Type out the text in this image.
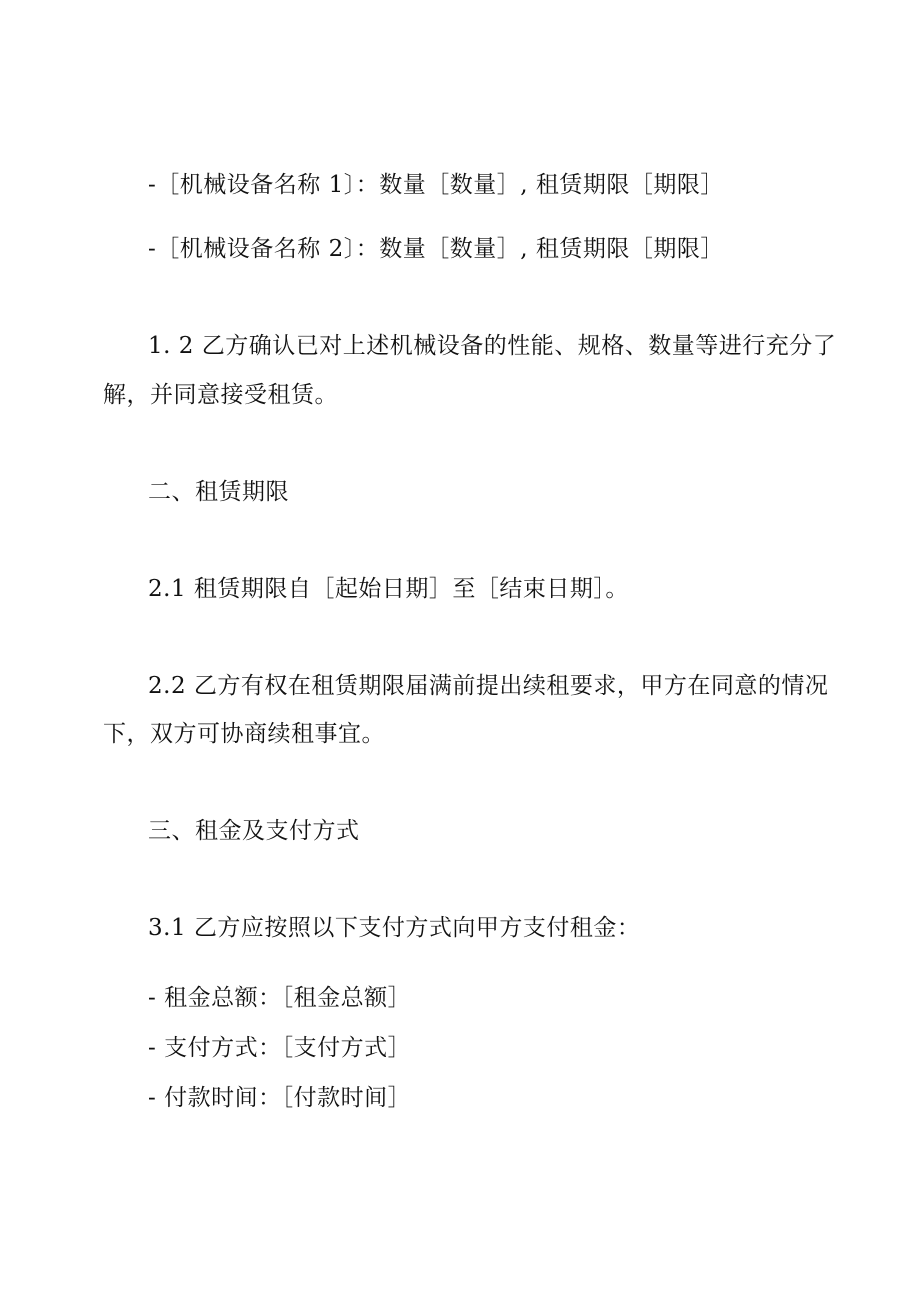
-［机械设备名称 1〕：数量［数量］, 租赁期限［期限］
-［机械设备名称 2〕：数量［数量］, 租赁期限［期限］
1. 2 乙方确认已对上述机械设备的性能、规格、数量等进行充分了
解，并同意接受租赁。
二、租赁期限
2.1 租赁期限自［起始日期］至［结束日期］。
2.2 乙方有权在租赁期限届满前提出续租要求，甲方在同意的情况
下，双方可协商续租事宜。
三、租金及支付方式
3.1 乙方应按照以下支付方式向甲方支付租金：
- 租金总额：［租金总额］
- 支付方式：［支付方式］
- 付款时间：［付款时间］
